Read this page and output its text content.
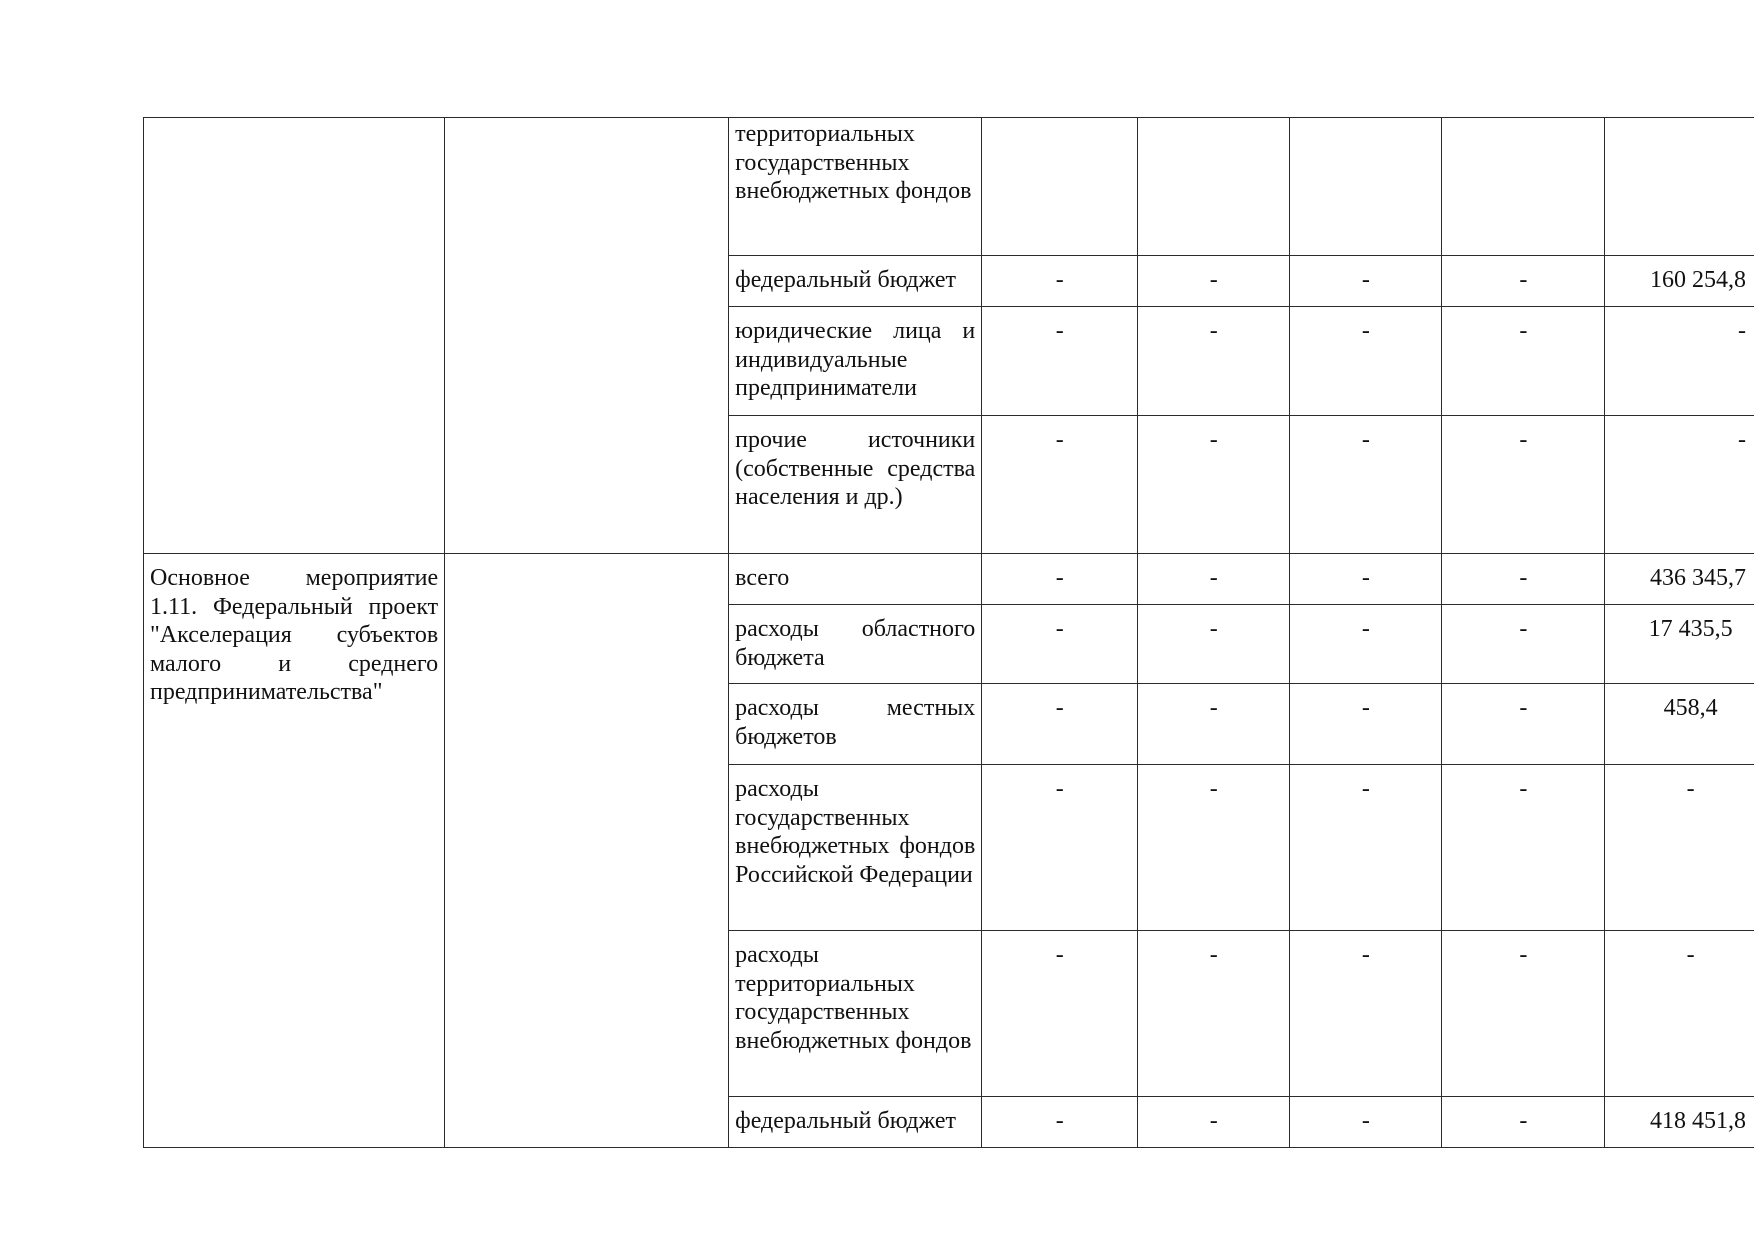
		территориальных государственных внебюджетных фондов					
		федеральный бюджет	-	-	-	-	160 254,8
		юридические лица и индивидуальные предприниматели	-	-	-	-	-
		прочие источники (собственные средства населения и др.)	-	-	-	-	-
Основное мероприятие 1.11. Федеральный проект "Акселерация субъектов малого и среднего предпринимательства"		всего	-	-	-	-	436 345,7
		расходы областного бюджета	-	-	-	-	17 435,5
		расходы местных бюджетов	-	-	-	-	458,4
		расходы государственных внебюджетных фондов Российской Федерации	-	-	-	-	-
		расходы территориальных государственных внебюджетных фондов	-	-	-	-	-
		федеральный бюджет	-	-	-	-	418 451,8
